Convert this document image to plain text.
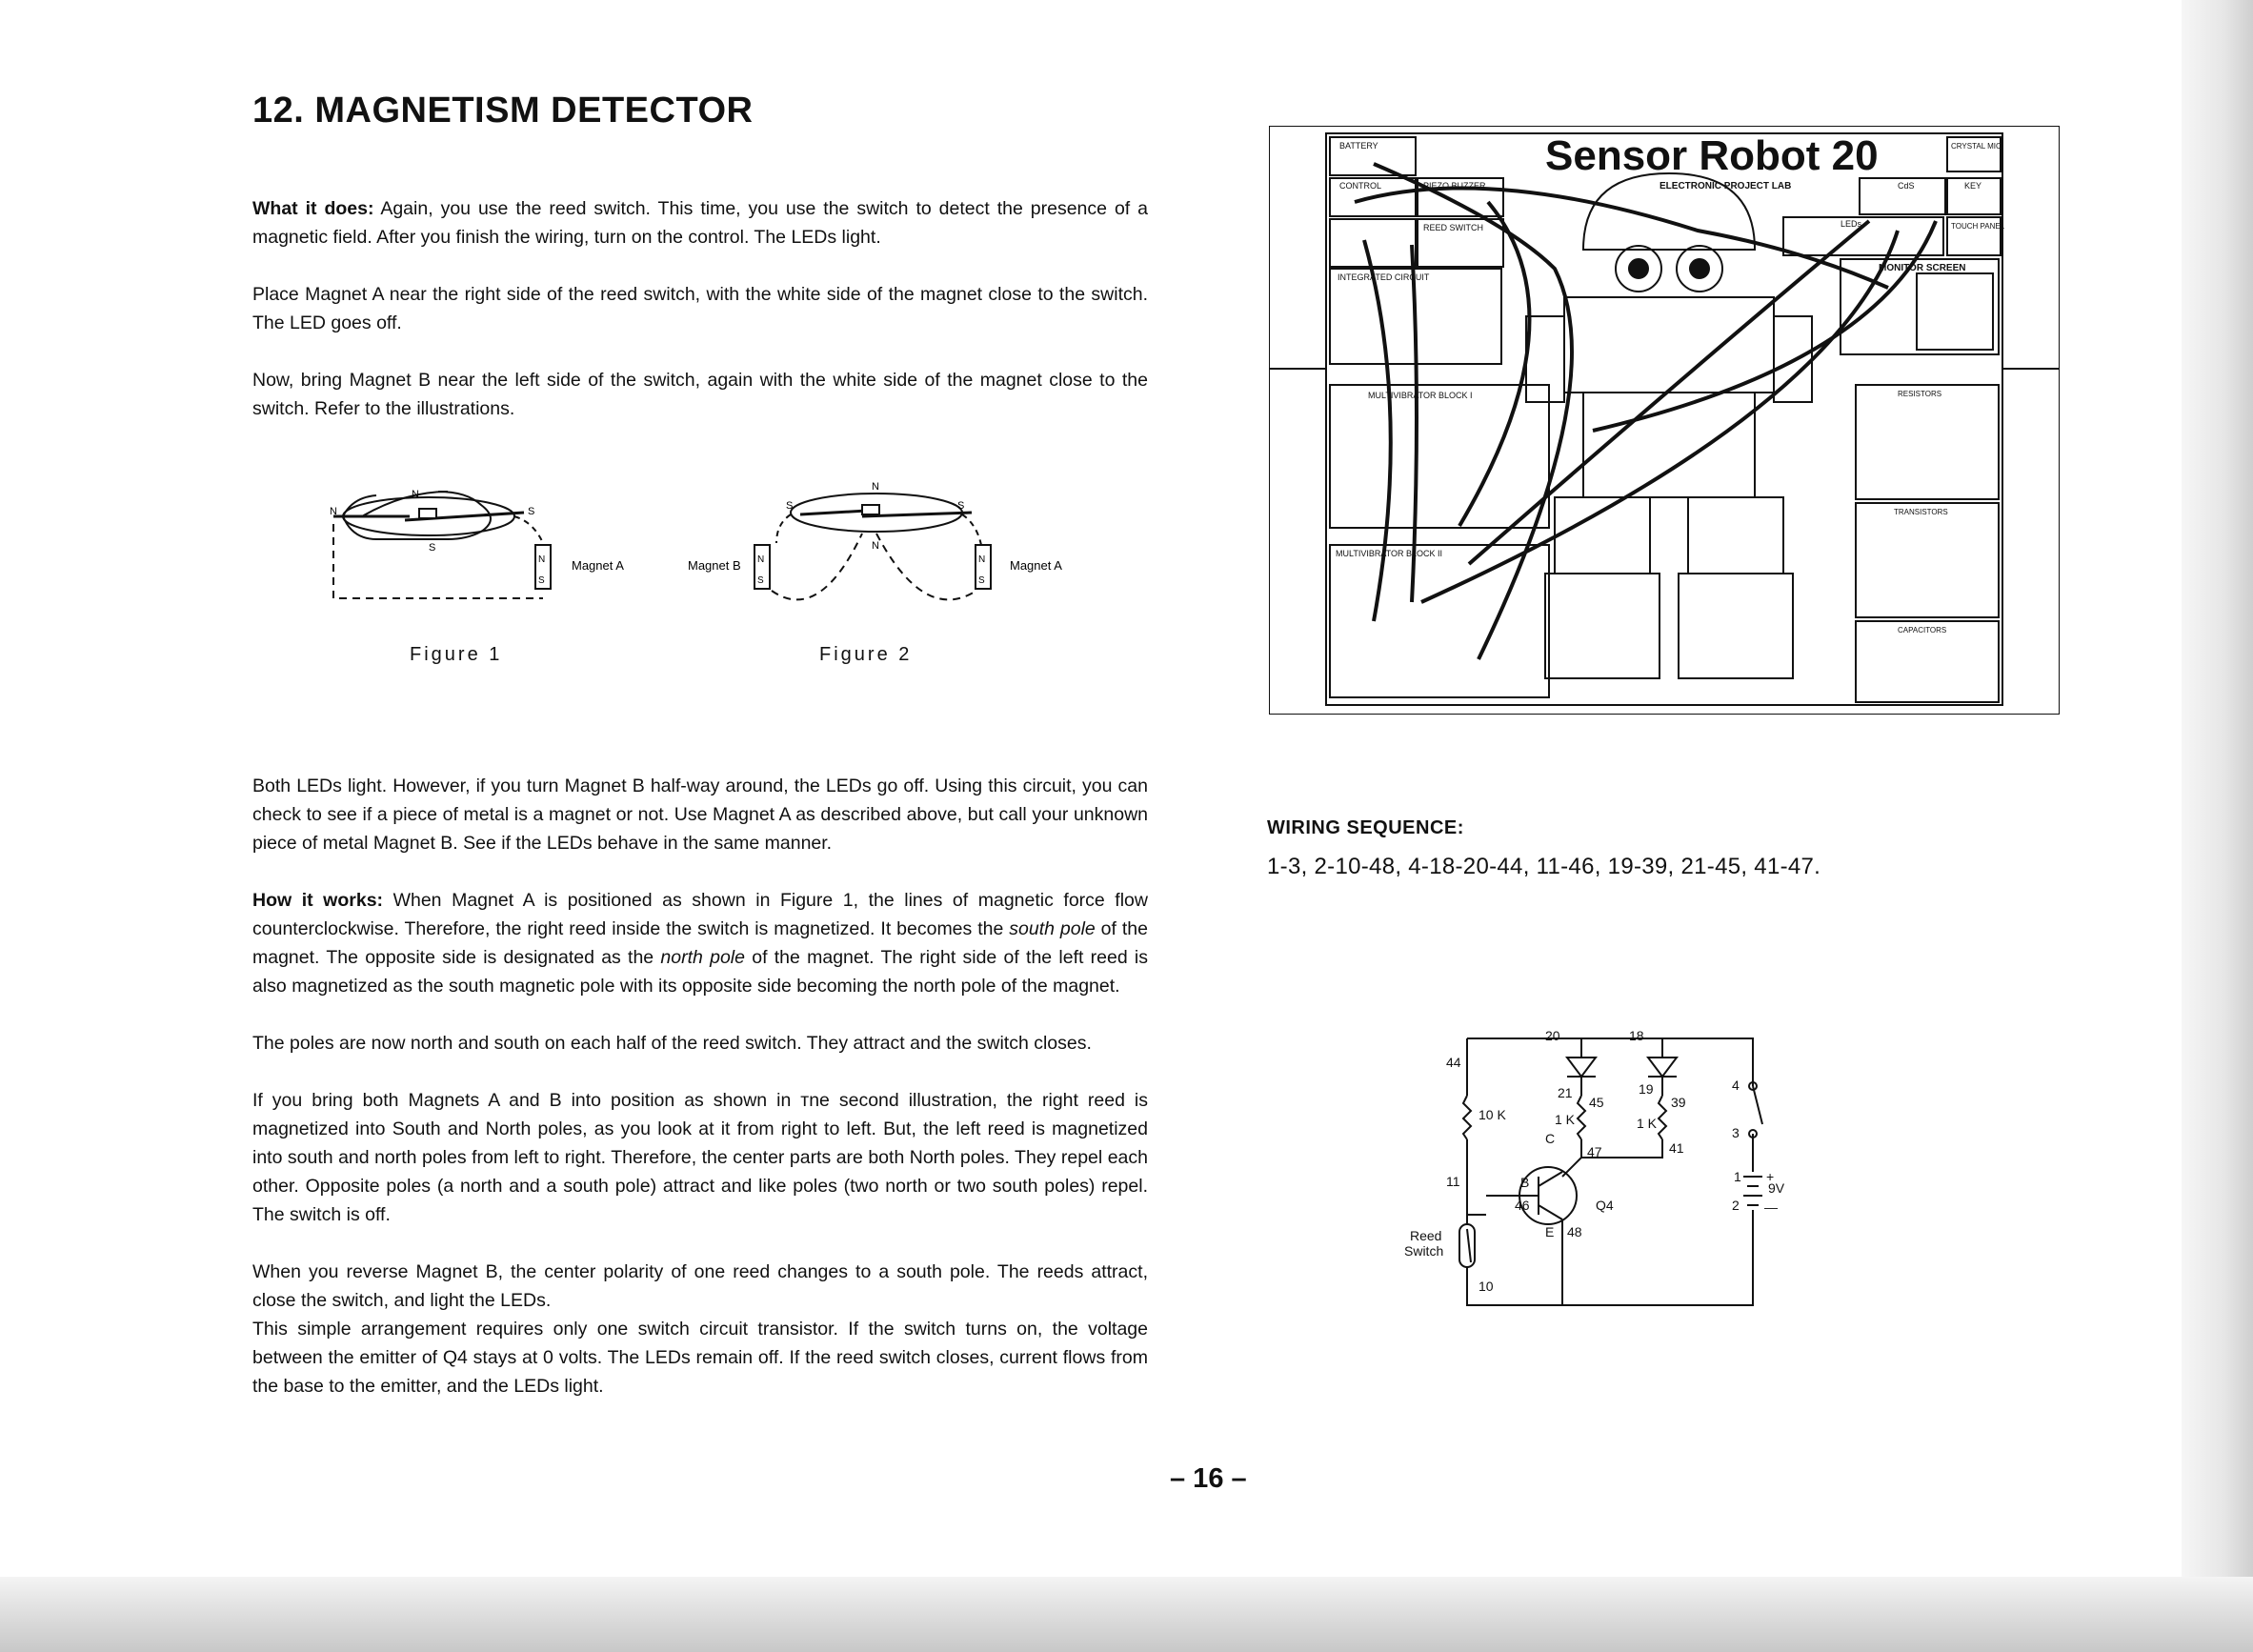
12. MAGNETISM DETECTOR

What it does: Again, you use the reed switch. This time, you use the switch to detect the presence of a magnetic field. After you finish the wiring, turn on the control. The LEDs light.

Place Magnet A near the right side of the reed switch, with the white side of the magnet close to the switch. The LED goes off.

Now, bring Magnet B near the left side of the switch, again with the white side of the magnet close to the switch. Refer to the illustrations.

N
N	S
S
N
S
Magnet A
N
S	S
N
N
S
N
S
Magnet B	Magnet A
Figure 1	Figure 2

Both LEDs light. However, if you turn Magnet B half-way around, the LEDs go off. Using this circuit, you can check to see if a piece of metal is a magnet or not. Use Magnet A as described above, but call your unknown piece of metal Magnet B. See if the LEDs behave in the same manner.

How it works: When Magnet A is positioned as shown in Figure 1, the lines of magnetic force flow counterclockwise. Therefore, the right reed inside the switch is magnetized. It becomes the south pole of the magnet. The opposite side is designated as the north pole of the magnet. The right side of the left reed is also magnetized as the south magnetic pole with its opposite side becoming the north pole of the magnet.

The poles are now north and south on each half of the reed switch. They attract and the switch closes.

If you bring both Magnets A and B into position as shown in ᴛne second illustration, the right reed is magnetized into South and North poles, as you look at it from right to left. But, the left reed is magnetized into south and north poles from left to right. Therefore, the center parts are both North poles. They repel each other. Opposite poles (a north and a south pole) attract and like poles (two north or two south poles) repel. The switch is off.

When you reverse Magnet B, the center polarity of one reed changes to a south pole. The reeds attract, close the switch, and light the LEDs.

This simple arrangement requires only one switch circuit transistor. If the switch turns on, the voltage between the emitter of Q4 stays at 0 volts. The LEDs remain off. If the reed switch closes, current flows from the base to the emitter, and the LEDs light.

Sensor Robot 20
ELECTRONIC PROJECT LAB
BATTERY
CONTROL	PIEZO BUZZER
REED SWITCH
INTEGRATED CIRCUIT
CRYSTAL MIC
CdS	KEY
LEDs	TOUCH PANEL
MONITOR SCREEN
MULTIVIBRATOR BLOCK I
MULTIVIBRATOR BLOCK II
RESISTORS
TRANSISTORS
CAPACITORS
WIRING SEQUENCE:
1-3, 2-10-48, 4-18-20-44, 11-46, 19-39, 21-45, 41-47.
20	18
44
21
45
19
39
10 K	1 K	1 K
C
47	41
11	B
46	Q4
E 48
Reed
Switch
10
4
3
1 +
2 —
9V
– 16 –
